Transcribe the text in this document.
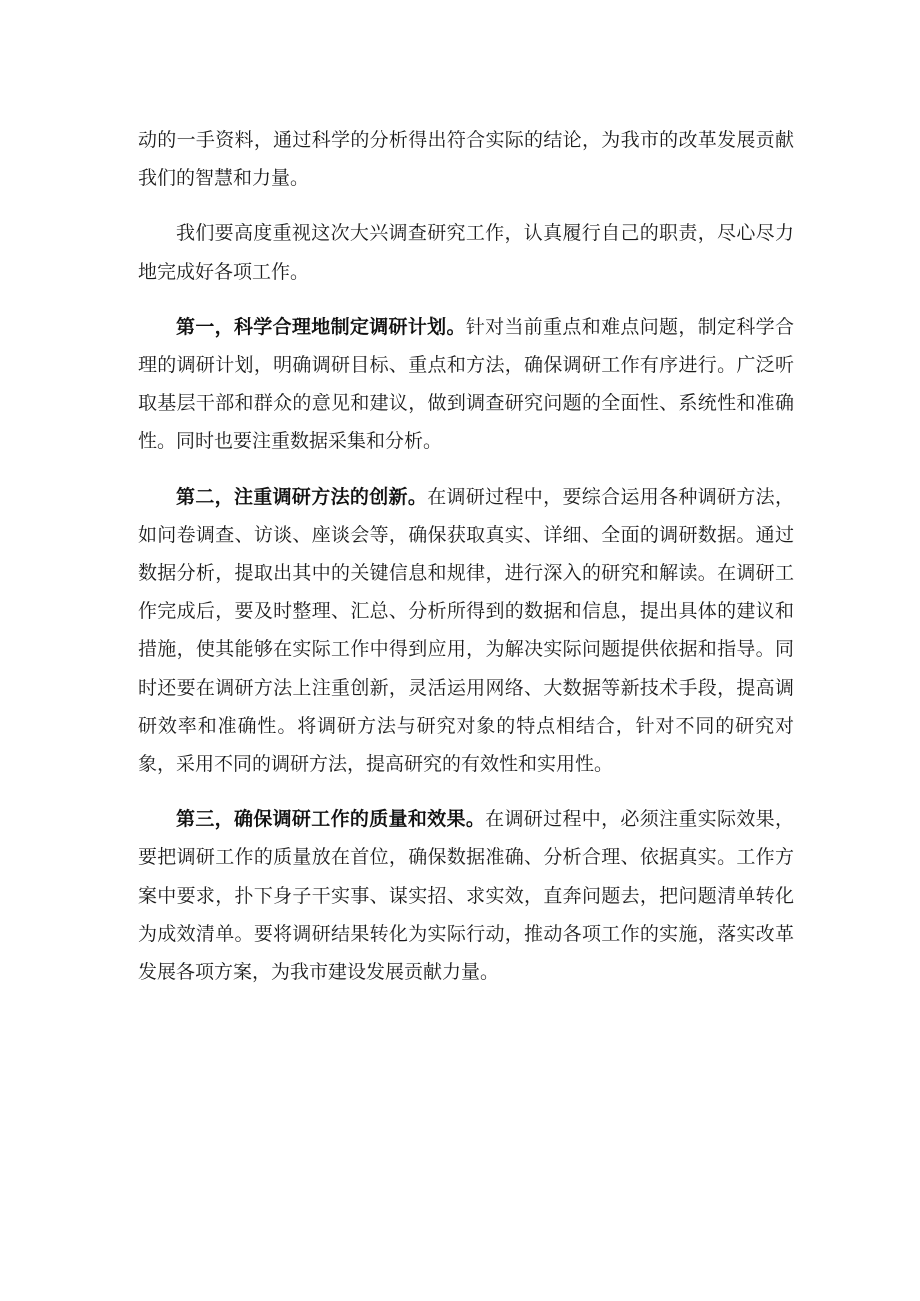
动的一手资料，通过科学的分析得出符合实际的结论，为我市的改革发展贡献我们的智慧和力量。

我们要高度重视这次大兴调查研究工作，认真履行自己的职责，尽心尽力地完成好各项工作。

第一，科学合理地制定调研计划。针对当前重点和难点问题，制定科学合理的调研计划，明确调研目标、重点和方法，确保调研工作有序进行。广泛听取基层干部和群众的意见和建议，做到调查研究问题的全面性、系统性和准确性。同时也要注重数据采集和分析。

第二，注重调研方法的创新。在调研过程中，要综合运用各种调研方法，如问卷调查、访谈、座谈会等，确保获取真实、详细、全面的调研数据。通过数据分析，提取出其中的关键信息和规律，进行深入的研究和解读。在调研工作完成后，要及时整理、汇总、分析所得到的数据和信息，提出具体的建议和措施，使其能够在实际工作中得到应用，为解决实际问题提供依据和指导。同时还要在调研方法上注重创新，灵活运用网络、大数据等新技术手段，提高调研效率和准确性。将调研方法与研究对象的特点相结合，针对不同的研究对象，采用不同的调研方法，提高研究的有效性和实用性。

第三，确保调研工作的质量和效果。在调研过程中，必须注重实际效果，要把调研工作的质量放在首位，确保数据准确、分析合理、依据真实。工作方案中要求，扑下身子干实事、谋实招、求实效，直奔问题去，把问题清单转化为成效清单。要将调研结果转化为实际行动，推动各项工作的实施，落实改革发展各项方案，为我市建设发展贡献力量。
